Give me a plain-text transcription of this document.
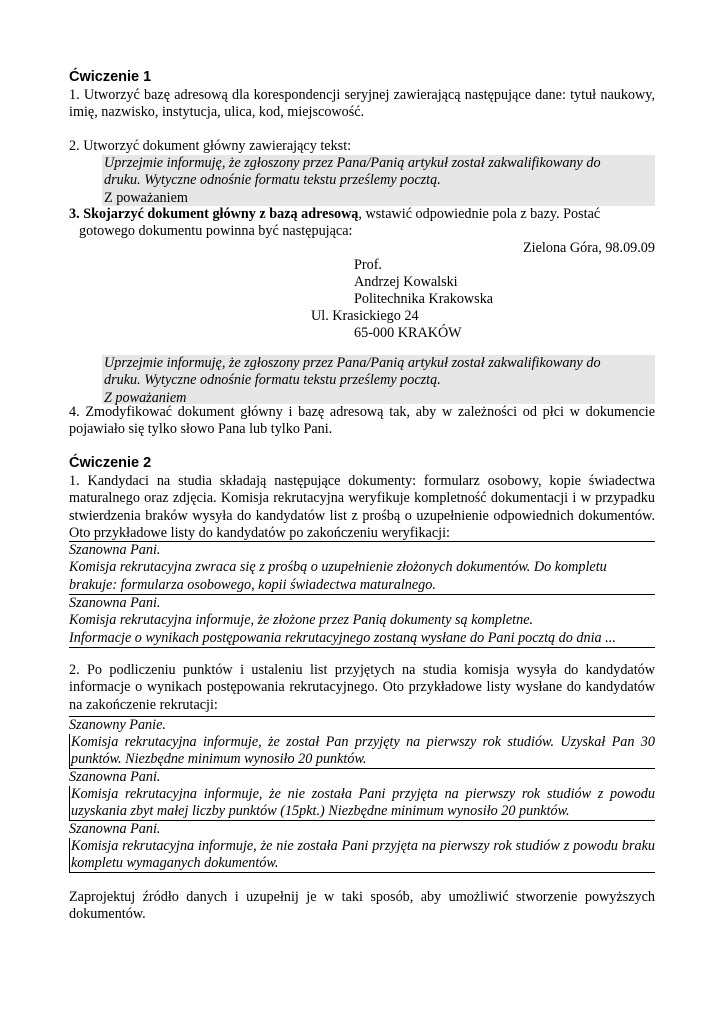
Ćwiczenie 1
1. Utworzyć bazę adresową dla korespondencji seryjnej zawierającą następujące dane: tytuł naukowy, imię, nazwisko, instytucja, ulica, kod, miejscowość.
2. Utworzyć dokument główny zawierający tekst:
Uprzejmie informuję, że zgłoszony przez Pana/Panią artykuł został zakwalifikowany do
druku. Wytyczne odnośnie formatu tekstu prześlemy pocztą.
Z poważaniem
3. Skojarzyć dokument główny z bazą adresową, wstawić odpowiednie pola z bazy. Postać
gotowego dokumentu powinna być następująca:
Zielona Góra, 98.09.09
Prof.
Andrzej Kowalski
Politechnika Krakowska
Ul. Krasickiego 24
65-000 KRAKÓW
Uprzejmie informuję, że zgłoszony przez Pana/Panią artykuł został zakwalifikowany do
druku. Wytyczne odnośnie formatu tekstu prześlemy pocztą.
Z poważaniem
4. Zmodyfikować dokument główny i bazę adresową tak, aby w zależności od płci w dokumencie pojawiało się tylko słowo Pana lub tylko Pani.
Ćwiczenie 2
1. Kandydaci na studia składają następujące dokumenty: formularz osobowy, kopie świadectwa maturalnego oraz zdjęcia. Komisja rekrutacyjna weryfikuje kompletność dokumentacji i w przypadku stwierdzenia braków wysyła do kandydatów list z prośbą o uzupełnienie odpowiednich dokumentów. Oto przykładowe listy do kandydatów po zakończeniu weryfikacji:
Szanowna Pani.
Komisja rekrutacyjna zwraca się z prośbą o uzupełnienie złożonych dokumentów. Do kompletu
brakuje: formularza osobowego, kopii świadectwa maturalnego.
Szanowna Pani.
Komisja rekrutacyjna informuje, że złożone przez Panią dokumenty są kompletne.
Informacje o wynikach postępowania rekrutacyjnego zostaną wysłane do Pani pocztą do dnia ...
2. Po podliczeniu punktów i ustaleniu list przyjętych na studia komisja wysyła do kandydatów informacje o wynikach postępowania rekrutacyjnego. Oto przykładowe listy wysłane do kandydatów na zakończenie rekrutacji:
Szanowny Panie.
Komisja rekrutacyjna informuje, że został Pan przyjęty na pierwszy rok studiów. Uzyskał Pan 30 punktów. Niezbędne minimum wynosiło 20 punktów.
Szanowna Pani.
Komisja rekrutacyjna informuje, że nie została Pani przyjęta na pierwszy rok studiów z powodu uzyskania zbyt małej liczby punktów (15pkt.) Niezbędne minimum wynosiło 20 punktów.
Szanowna Pani.
Komisja rekrutacyjna informuje, że nie została Pani przyjęta na pierwszy rok studiów z powodu braku kompletu wymaganych dokumentów.
Zaprojektuj źródło danych i uzupełnij je w taki sposób, aby umożliwić stworzenie powyższych dokumentów.
